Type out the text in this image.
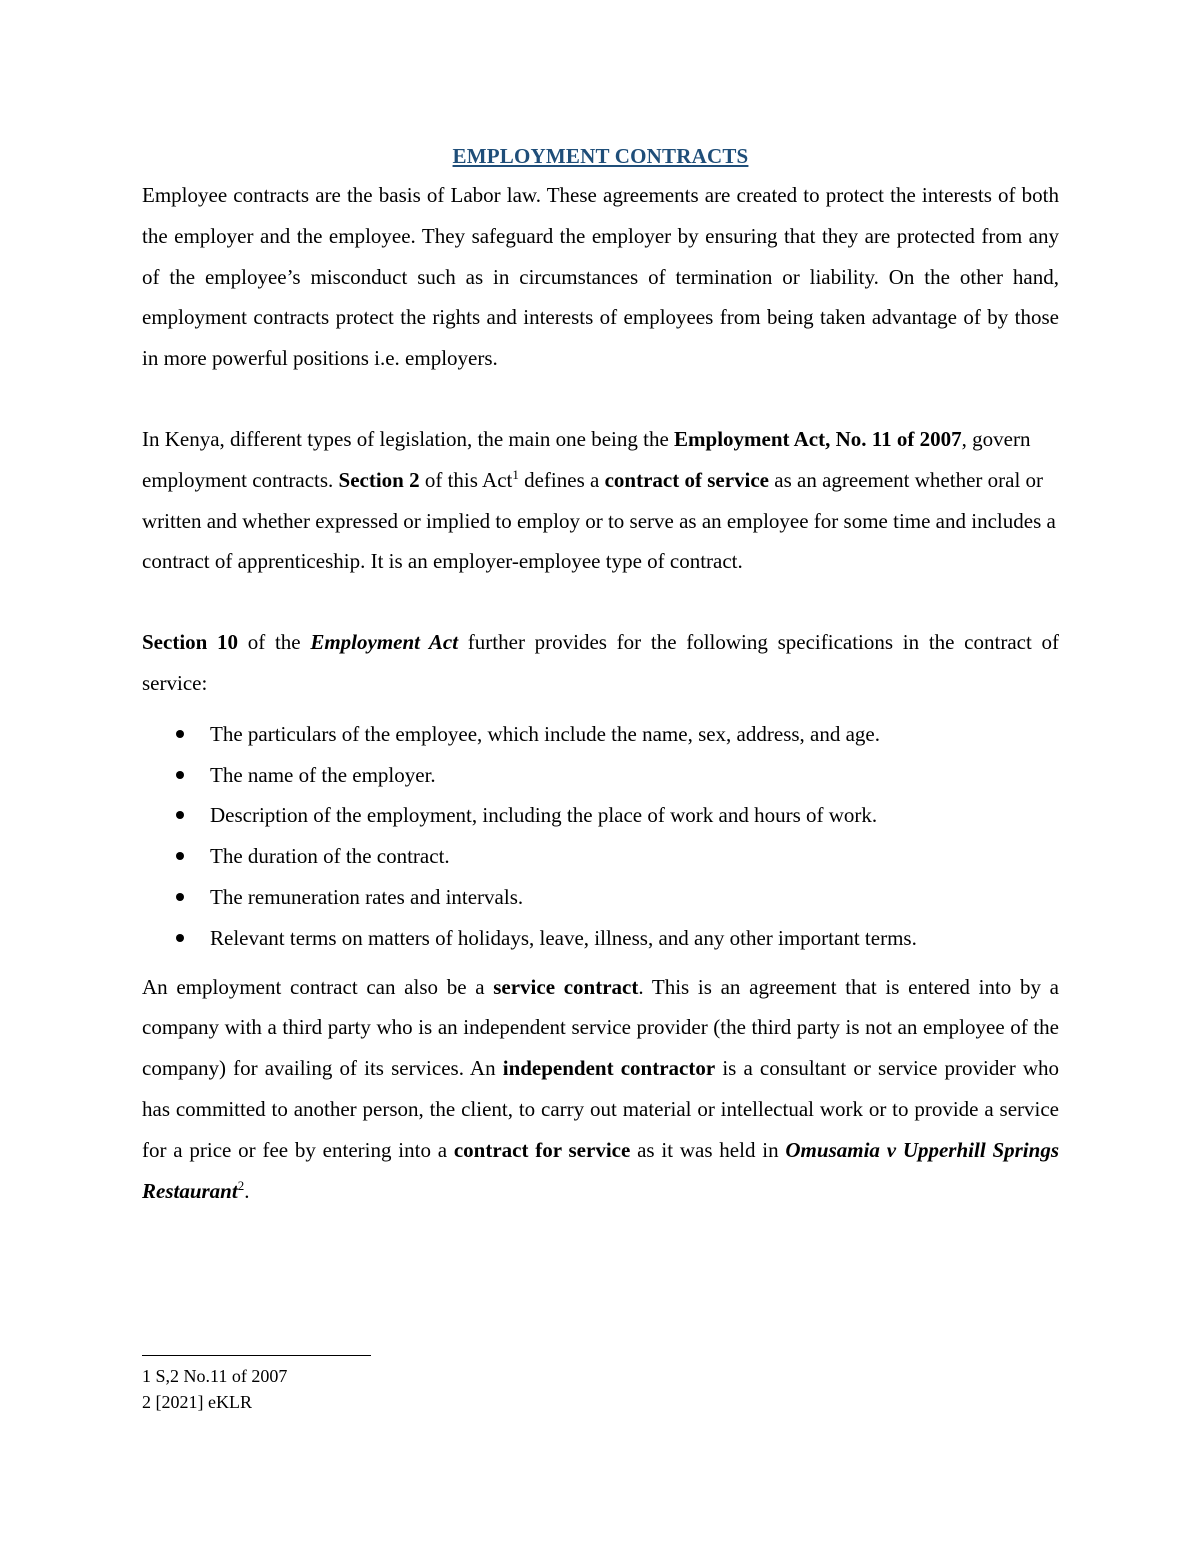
EMPLOYMENT CONTRACTS

Employee contracts are the basis of Labor law. These agreements are created to protect the interests of both the employer and the employee. They safeguard the employer by ensuring that they are protected from any of the employee’s misconduct such as in circumstances of termination or liability. On the other hand, employment contracts protect the rights and interests of employees from being taken advantage of by those in more powerful positions i.e. employers.

In Kenya, different types of legislation, the main one being the Employment Act, No. 11 of 2007, govern employment contracts. Section 2 of this Act$^1$ defines a contract of service as an agreement whether oral or written and whether expressed or implied to employ or to serve as an employee for some time and includes a contract of apprenticeship. It is an employer-employee type of contract.

Section 10 of the Employment Act further provides for the following specifications in the contract of service:

The particulars of the employee, which include the name, sex, address, and age.
The name of the employer.
Description of the employment, including the place of work and hours of work.
The duration of the contract.
The remuneration rates and intervals.
Relevant terms on matters of holidays, leave, illness, and any other important terms.

An employment contract can also be a service contract. This is an agreement that is entered into by a company with a third party who is an independent service provider (the third party is not an employee of the company) for availing of its services. An independent contractor is a consultant or service provider who has committed to another person, the client, to carry out material or intellectual work or to provide a service for a price or fee by entering into a contract for service as it was held in Omusamia v Upperhill Springs Restaurant$^2$.

1 S,2 No.11 of 2007
2 [2021] eKLR
